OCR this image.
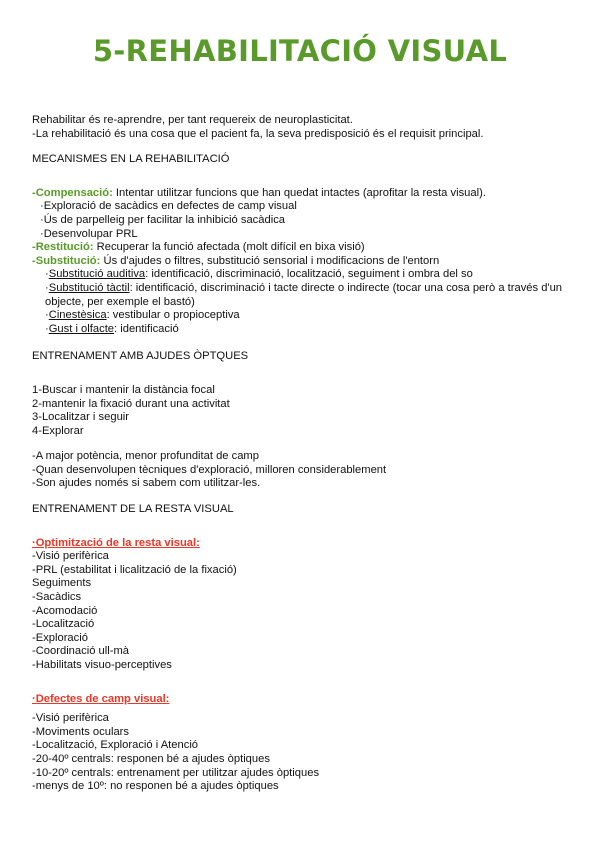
5-REHABILITACIÓ VISUAL
Rehabilitar és re-aprendre, per tant requereix de neuroplasticitat.
-La rehabilitació és una cosa que el pacient fa, la seva predisposició és el requisit principal.
MECANISMES EN LA REHABILITACIÓ
-Compensació: Intentar utilitzar funcions que han quedat intactes (aprofitar la resta visual).
·Exploració de sacàdics en defectes de camp visual
·Ús de parpelleig per facilitar la inhibició sacàdica
·Desenvolupar PRL
-Restitució: Recuperar la funció afectada (molt difícil en bixa visió)
-Substitució: Ús d'ajudes o filtres, substitució sensorial i modificacions de l'entorn
·Substitució auditiva: identificació, discriminació, localització, seguiment i ombra del so
·Substitució tàctil: identificació, discriminació i tacte directe o indirecte (tocar una cosa però a través d'un objecte, per exemple el bastó)
·Cinestèsica: vestibular o propioceptiva
·Gust i olfacte: identificació
ENTRENAMENT AMB AJUDES ÒPTQUES
1-Buscar i mantenir la distància focal
2-mantenir la fixació durant una activitat
3-Localitzar i seguir
4-Explorar
-A major potència, menor profunditat de camp
-Quan desenvolupen tècniques d'exploració, milloren considerablement
-Son ajudes només si sabem com utilitzar-les.
ENTRENAMENT DE LA RESTA VISUAL
·Optimització de la resta visual:
-Visió perifèrica
-PRL (estabilitat i licalització de la fixació)
Seguiments
-Sacàdics
-Acomodació
-Localització
-Exploració
-Coordinació ull-mà
-Habilitats visuo-perceptives
·Defectes de camp visual:
-Visió perifèrica
-Moviments oculars
-Localització, Exploració i Atenció
-20-40º centrals: responen bé a ajudes òptiques
-10-20º centrals: entrenament per utilitzar ajudes òptiques
-menys de 10º: no responen bé a ajudes òptiques
